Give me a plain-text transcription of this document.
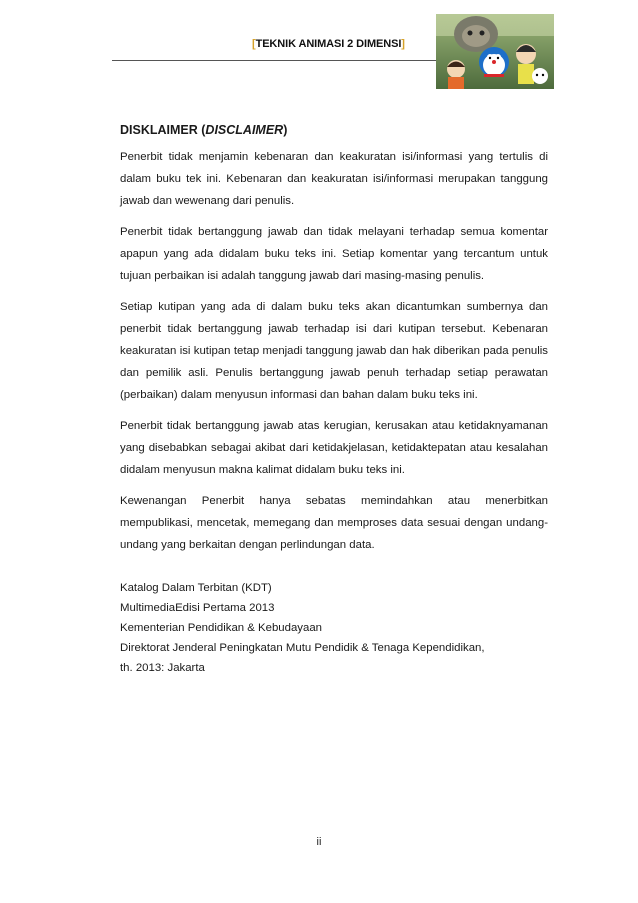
[TEKNIK ANIMASI 2 DIMENSI]
DISKLAIMER (DISCLAIMER)

Penerbit tidak menjamin kebenaran dan keakuratan isi/informasi yang tertulis di dalam buku tek ini. Kebenaran dan keakuratan isi/informasi merupakan tanggung jawab dan wewenang dari penulis.

Penerbit tidak bertanggung jawab dan tidak melayani terhadap semua komentar apapun yang ada didalam buku teks ini. Setiap komentar yang tercantum untuk tujuan perbaikan isi adalah tanggung jawab dari masing-masing penulis.

Setiap kutipan yang ada di dalam buku teks akan dicantumkan sumbernya dan penerbit tidak bertanggung jawab terhadap isi dari kutipan tersebut. Kebenaran keakuratan isi kutipan tetap menjadi tanggung jawab dan hak diberikan pada penulis dan pemilik asli. Penulis bertanggung jawab penuh terhadap setiap perawatan (perbaikan) dalam menyusun informasi dan bahan dalam buku teks ini.

Penerbit tidak bertanggung jawab atas kerugian, kerusakan atau ketidaknyamanan yang disebabkan sebagai akibat dari ketidakjelasan, ketidaktepatan atau kesalahan didalam menyusun makna kalimat didalam buku teks ini.

Kewenangan Penerbit hanya sebatas memindahkan atau menerbitkan mempublikasi, mencetak, memegang dan memproses data sesuai dengan undang-undang yang berkaitan dengan perlindungan data.

Katalog Dalam Terbitan (KDT)
MultimediaEdisi Pertama 2013
Kementerian Pendidikan & Kebudayaan
Direktorat Jenderal Peningkatan Mutu Pendidik & Tenaga Kependidikan,
th. 2013: Jakarta
ii
